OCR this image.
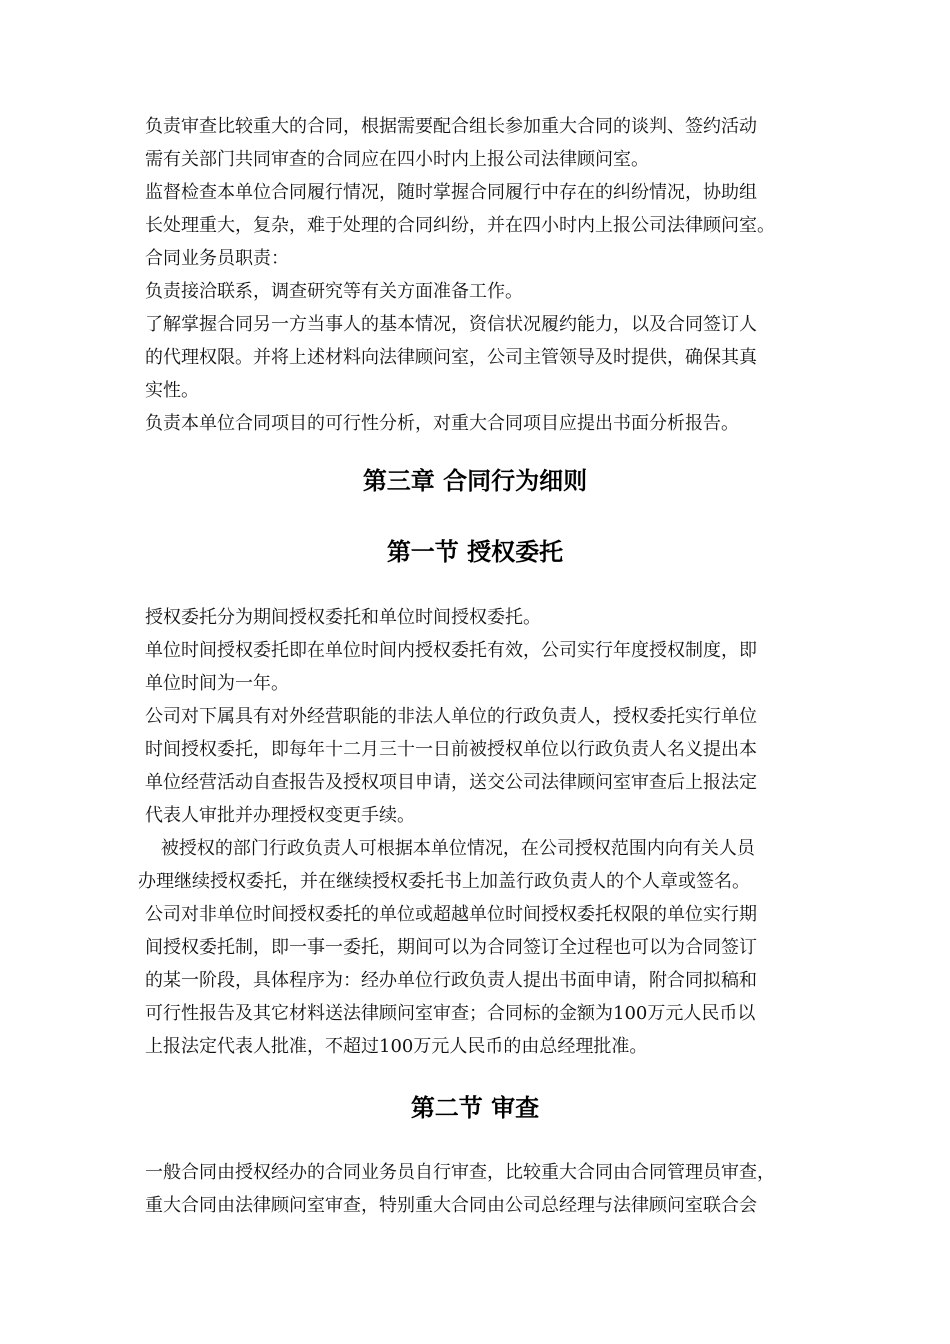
负责审查比较重大的合同，根据需要配合组长参加重大合同的谈判、签约活动
需有关部门共同审查的合同应在四小时内上报公司法律顾问室。
监督检查本单位合同履行情况，随时掌握合同履行中存在的纠纷情况，协助组
长处理重大，复杂，难于处理的合同纠纷，并在四小时内上报公司法律顾问室。
合同业务员职责：
负责接洽联系，调查研究等有关方面准备工作。
了解掌握合同另一方当事人的基本情况，资信状况履约能力，以及合同签订人
的代理权限。并将上述材料向法律顾问室，公司主管领导及时提供，确保其真
实性。
负责本单位合同项目的可行性分析，对重大合同项目应提出书面分析报告。
第三章 合同行为细则
第一节 授权委托
授权委托分为期间授权委托和单位时间授权委托。
单位时间授权委托即在单位时间内授权委托有效，公司实行年度授权制度，即
单位时间为一年。
公司对下属具有对外经营职能的非法人单位的行政负责人，授权委托实行单位
时间授权委托，即每年十二月三十一日前被授权单位以行政负责人名义提出本
单位经营活动自查报告及授权项目申请，送交公司法律顾问室审查后上报法定
代表人审批并办理授权变更手续。
被授权的部门行政负责人可根据本单位情况，在公司授权范围内向有关人员
办理继续授权委托，并在继续授权委托书上加盖行政负责人的个人章或签名。
公司对非单位时间授权委托的单位或超越单位时间授权委托权限的单位实行期
间授权委托制，即一事一委托，期间可以为合同签订全过程也可以为合同签订
的某一阶段，具体程序为：经办单位行政负责人提出书面申请，附合同拟稿和
可行性报告及其它材料送法律顾问室审查；合同标的金额为100万元人民币以
上报法定代表人批准，不超过100万元人民币的由总经理批准。
第二节 审查
一般合同由授权经办的合同业务员自行审查，比较重大合同由合同管理员审查，
重大合同由法律顾问室审查，特别重大合同由公司总经理与法律顾问室联合会
